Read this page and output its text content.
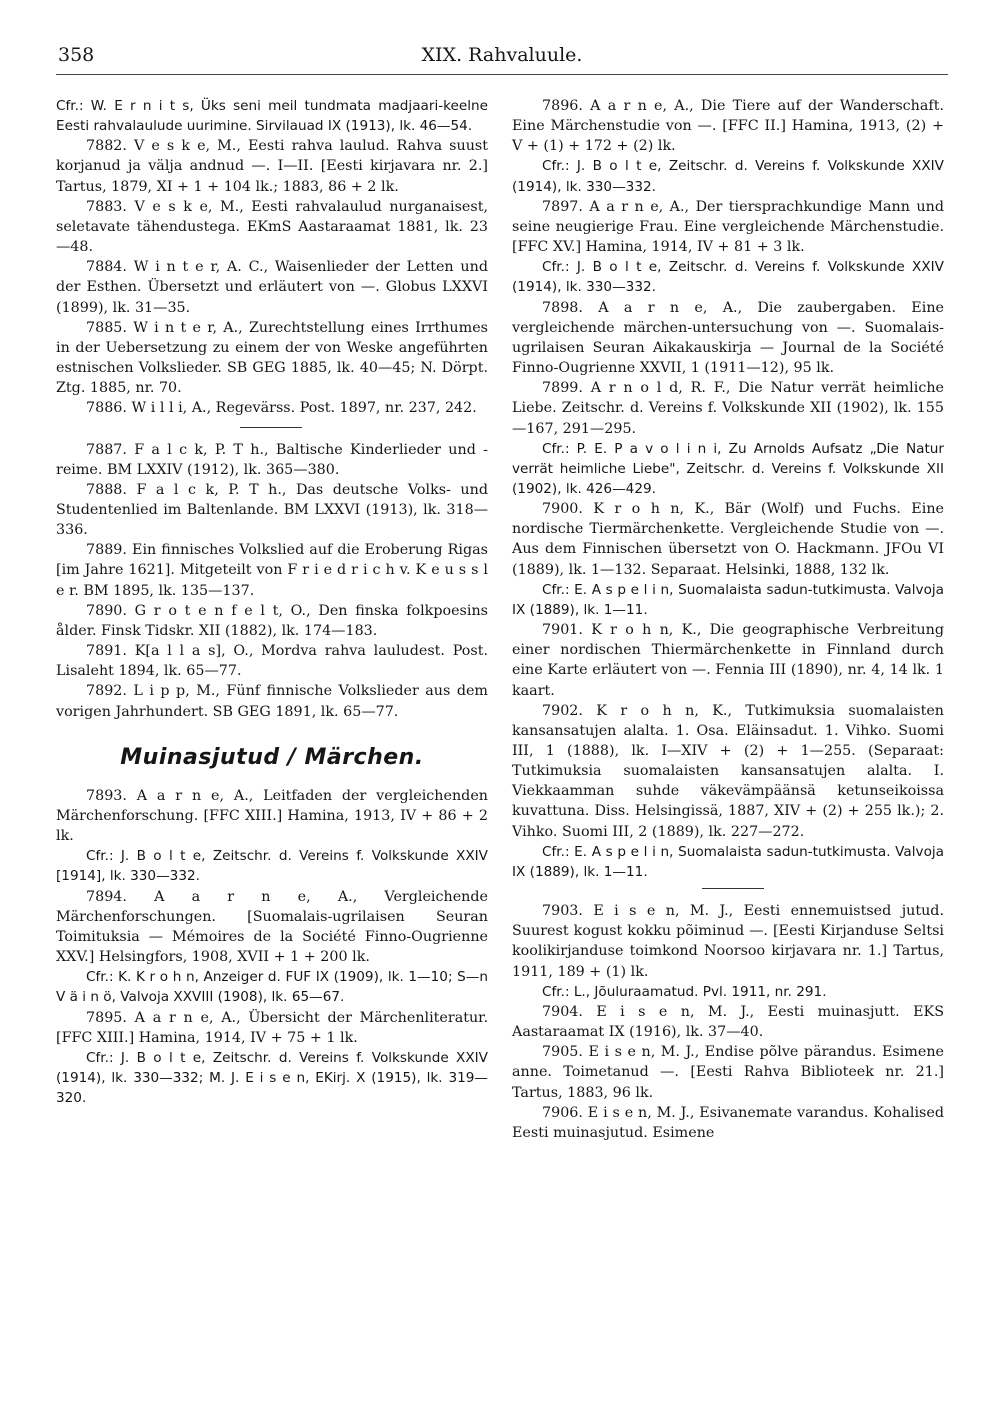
358	XIX. Rahvaluule.

Cfr.: W. E r n i t s, Üks seni meil tundmata madjaari-keelne Eesti rahvalaulude uurimine. Sirvilauad IX (1913), lk. 46—54.

7882. V e s k e, M., Eesti rahva laulud. Rahva suust korjanud ja välja andnud —. I—II. [Eesti kirjavara nr. 2.] Tartus, 1879, XI + 1 + 104 lk.; 1883, 86 + 2 lk.

7883. V e s k e, M., Eesti rahvalaulud nurganaisest, seletavate tähendustega. EKmS Aastaraamat 1881, lk. 23—48.

7884. W i n t e r, A. C., Waisenlieder der Letten und der Esthen. Übersetzt und erläutert von —. Globus LXXVI (1899), lk. 31—35.

7885. W i n t e r, A., Zurechtstellung eines Irrthumes in der Uebersetzung zu einem der von Weske angeführten estnischen Volkslieder. SB GEG 1885, lk. 40—45; N. Dörpt. Ztg. 1885, nr. 70.

7886. W i l l i, A., Regevärss. Post. 1897, nr. 237, 242.

7887. F a l c k, P. T h., Baltische Kinderlieder und -reime. BM LXXIV (1912), lk. 365—380.

7888. F a l c k, P. T h., Das deutsche Volks- und Studentenlied im Baltenlande. BM LXXVI (1913), lk. 318—336.

7889. Ein finnisches Volkslied auf die Eroberung Rigas [im Jahre 1621]. Mitgeteilt von F r i e d r i c h v. K e u s s l e r. BM 1895, lk. 135—137.

7890. G r o t e n f e l t, O., Den finska folkpoesins ålder. Finsk Tidskr. XII (1882), lk. 174—183.

7891. K[a l l a s], O., Mordva rahva lauludest. Post. Lisaleht 1894, lk. 65—77.

7892. L i p p, M., Fünf finnische Volkslieder aus dem vorigen Jahrhundert. SB GEG 1891, lk. 65—77.

Muinasjutud / Märchen.

7893. A a r n e, A., Leitfaden der vergleichenden Märchenforschung. [FFC XIII.] Hamina, 1913, IV + 86 + 2 lk.

Cfr.: J. B o l t e, Zeitschr. d. Vereins f. Volkskunde XXIV [1914], lk. 330—332.

7894. A a r n e, A., Vergleichende Märchenforschungen. [Suomalais-ugrilaisen Seuran Toimituksia — Mémoires de la Société Finno-Ougrienne XXV.] Helsingfors, 1908, XVII + 1 + 200 lk.

Cfr.: K. K r o h n, Anzeiger d. FUF IX (1909), lk. 1—10; S—n V ä i n ö, Valvoja XXVIII (1908), lk. 65—67.

7895. A a r n e, A., Übersicht der Märchenliteratur. [FFC XIII.] Hamina, 1914, IV + 75 + 1 lk.

Cfr.: J. B o l t e, Zeitschr. d. Vereins f. Volkskunde XXIV (1914), lk. 330—332; M. J. E i s e n, EKirj. X (1915), lk. 319—320.

7896. A a r n e, A., Die Tiere auf der Wanderschaft. Eine Märchenstudie von —. [FFC II.] Hamina, 1913, (2) + V + (1) + 172 + (2) lk.

Cfr.: J. B o l t e, Zeitschr. d. Vereins f. Volkskunde XXIV (1914), lk. 330—332.

7897. A a r n e, A., Der tiersprachkundige Mann und seine neugierige Frau. Eine vergleichende Märchenstudie. [FFC XV.] Hamina, 1914, IV + 81 + 3 lk.

Cfr.: J. B o l t e, Zeitschr. d. Vereins f. Volkskunde XXIV (1914), lk. 330—332.

7898. A a r n e, A., Die zaubergaben. Eine vergleichende märchen-untersuchung von —. Suomalais-ugrilaisen Seuran Aikakauskirja — Journal de la Société Finno-Ougrienne XXVII, 1 (1911—12), 95 lk.

7899. A r n o l d, R. F., Die Natur verrät heimliche Liebe. Zeitschr. d. Vereins f. Volkskunde XII (1902), lk. 155—167, 291—295.

Cfr.: P. E. P a v o l i n i, Zu Arnolds Aufsatz „Die Natur verrät heimliche Liebe", Zeitschr. d. Vereins f. Volkskunde XII (1902), lk. 426—429.

7900. K r o h n, K., Bär (Wolf) und Fuchs. Eine nordische Tiermärchenkette. Vergleichende Studie von —. Aus dem Finnischen übersetzt von O. Hackmann. JFOu VI (1889), lk. 1—132. Separaat. Helsinki, 1888, 132 lk.

Cfr.: E. A s p e l i n, Suomalaista sadun-tutkimusta. Valvoja IX (1889), lk. 1—11.

7901. K r o h n, K., Die geographische Verbreitung einer nordischen Thiermärchenkette in Finnland durch eine Karte erläutert von —. Fennia III (1890), nr. 4, 14 lk. 1 kaart.

7902. K r o h n, K., Tutkimuksia suomalaisten kansansatujen alalta. 1. Osa. Eläinsadut. 1. Vihko. Suomi III, 1 (1888), lk. I—XIV + (2) + 1—255. (Separaat: Tutkimuksia suomalaisten kansansatujen alalta. I. Viekkaamman suhde väkevämpäänsä ketunseikoissa kuvattuna. Diss. Helsingissä, 1887, XIV + (2) + 255 lk.); 2. Vihko. Suomi III, 2 (1889), lk. 227—272.

Cfr.: E. A s p e l i n, Suomalaista sadun-tutkimusta. Valvoja IX (1889), lk. 1—11.

7903. E i s e n, M. J., Eesti ennemuistsed jutud. Suurest kogust kokku põiminud —. [Eesti Kirjanduse Seltsi koolikirjanduse toimkond Noorsoo kirjavara nr. 1.] Tartus, 1911, 189 + (1) lk.

Cfr.: L., Jõuluraamatud. Pvl. 1911, nr. 291.

7904. E i s e n, M. J., Eesti muinasjutt. EKS Aastaraamat IX (1916), lk. 37—40.

7905. E i s e n, M. J., Endise põlve pärandus. Esimene anne. Toimetanud —. [Eesti Rahva Biblioteek nr. 21.] Tartus, 1883, 96 lk.

7906. E i s e n, M. J., Esivanemate varandus. Kohalised Eesti muinasjutud. Esimene
